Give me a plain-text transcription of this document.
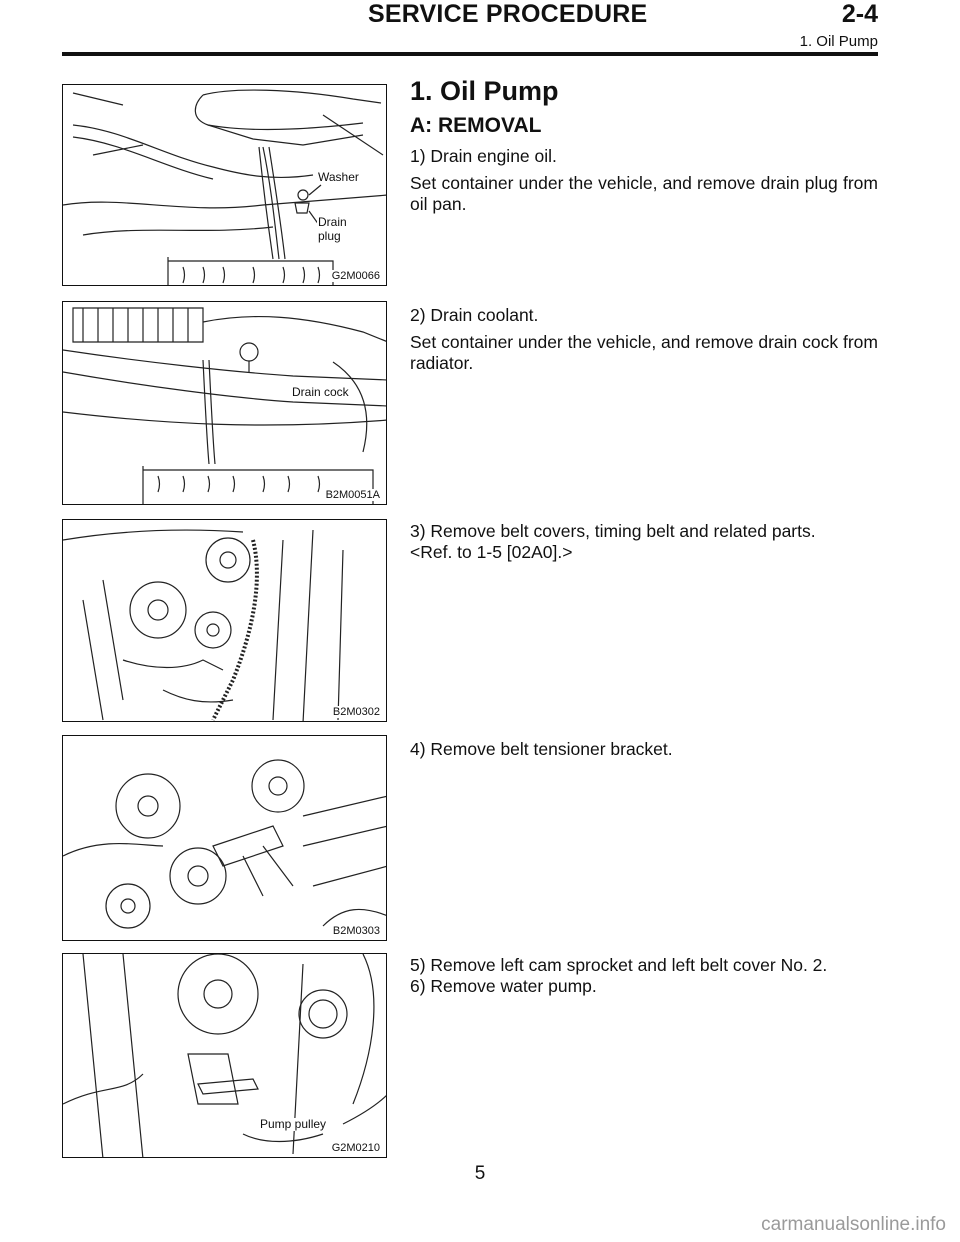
SERVICE PROCEDURE	2-4
1. Oil Pump
Washer
Drain
plug
G2M0066
Drain cock
B2M0051A
B2M0302
B2M0303
Pump pulley
G2M0210
1. Oil Pump
A: REMOVAL

1) Drain engine oil.

Set container under the vehicle, and remove drain plug from oil pan.

2) Drain coolant.

Set container under the vehicle, and remove drain cock from radiator.

3) Remove belt covers, timing belt and related parts.

<Ref. to 1-5 [02A0].>

4) Remove belt tensioner bracket.

5) Remove left cam sprocket and left belt cover No. 2.

6) Remove water pump.

5
carmanualsonline.info
